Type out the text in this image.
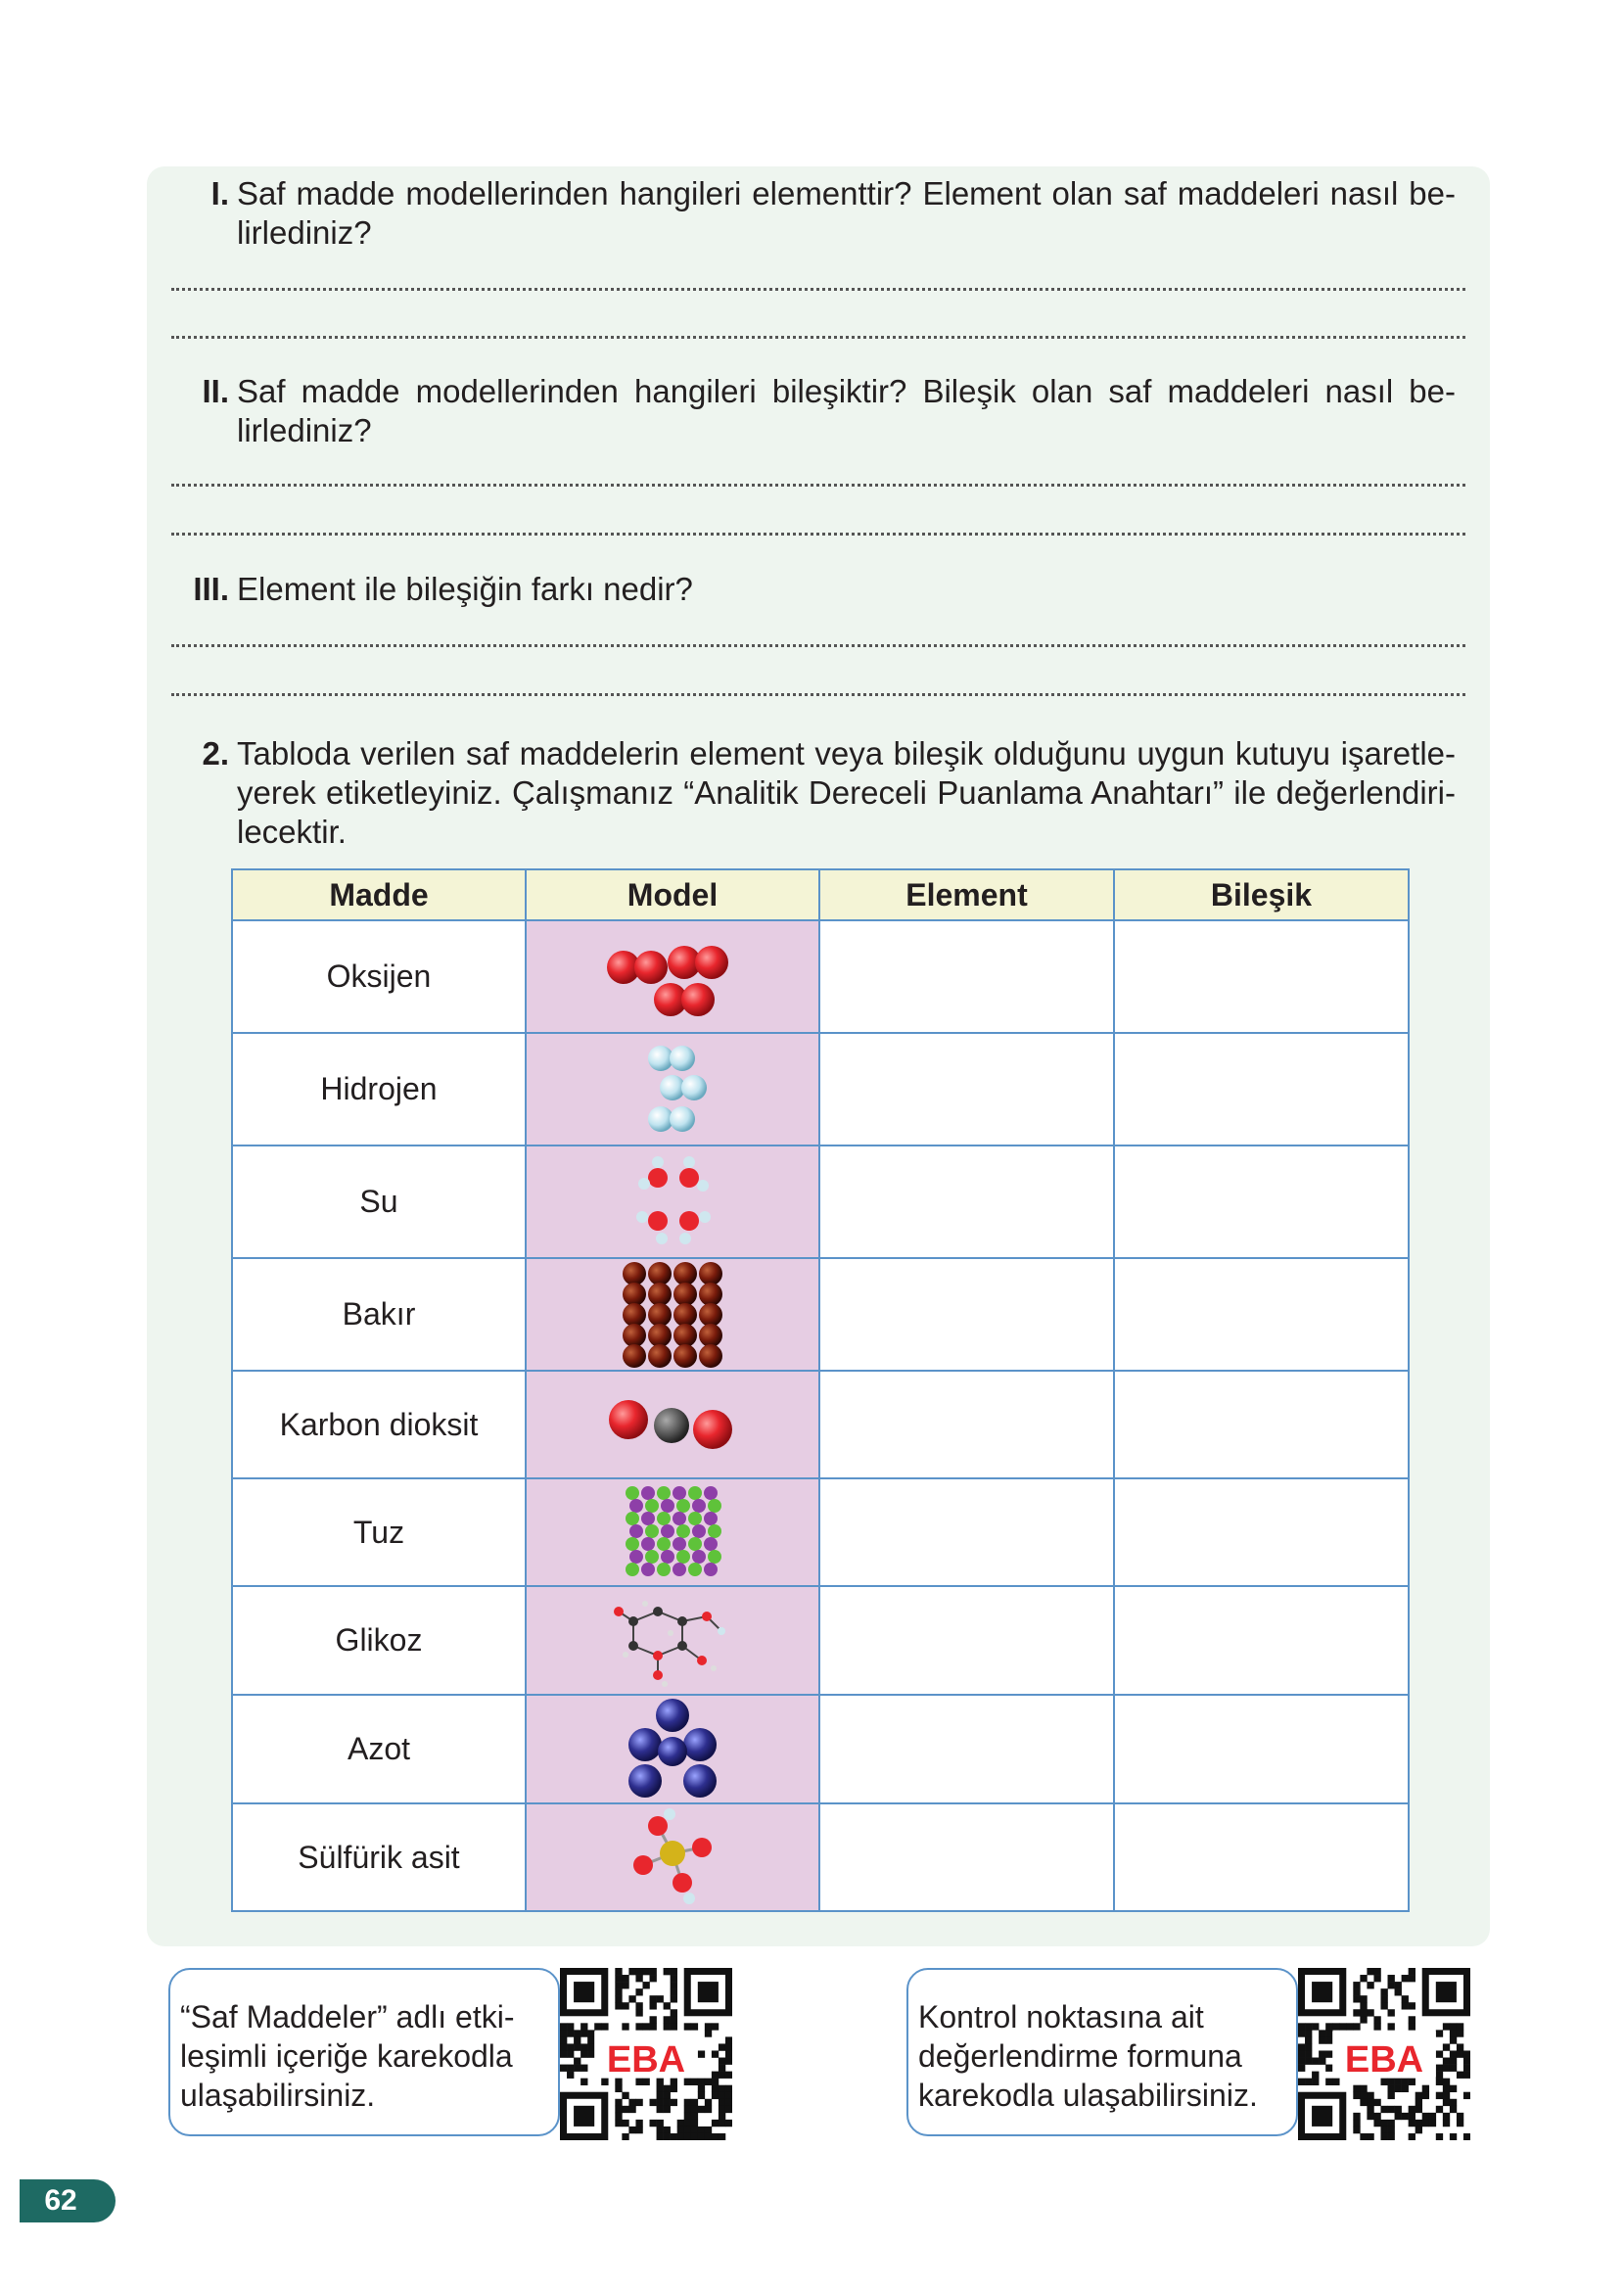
I. Saf madde modellerinden hangileri elementtir? Element olan saf maddeleri nasıl be-lirlediniz?
II. Saf madde modellerinden hangileri bileşiktir? Bileşik olan saf maddeleri nasıl be-lirlediniz?
III. Element ile bileşiğin farkı nedir?
2. Tabloda verilen saf maddelerin element veya bileşik olduğunu uygun kutuyu işaretle-yerek etiketleyiniz. Çalışmanız “Analitik Dereceli Puanlama Anahtarı” ile değerlendiri-lecektir.
Madde	Model	Element	Bileşik
Oksijen	

Hidrojen	

Su	

Bakır	

Karbon dioksit	

Tuz	

Glikoz	

Azot	

Sülfürik asit	

“Saf Maddeler” adlı etki-
leşimli içeriğe karekodla
ulaşabilirsiniz.
EBA
Kontrol noktasına ait
değerlendirme formuna
karekodla ulaşabilirsiniz.
EBA
62
